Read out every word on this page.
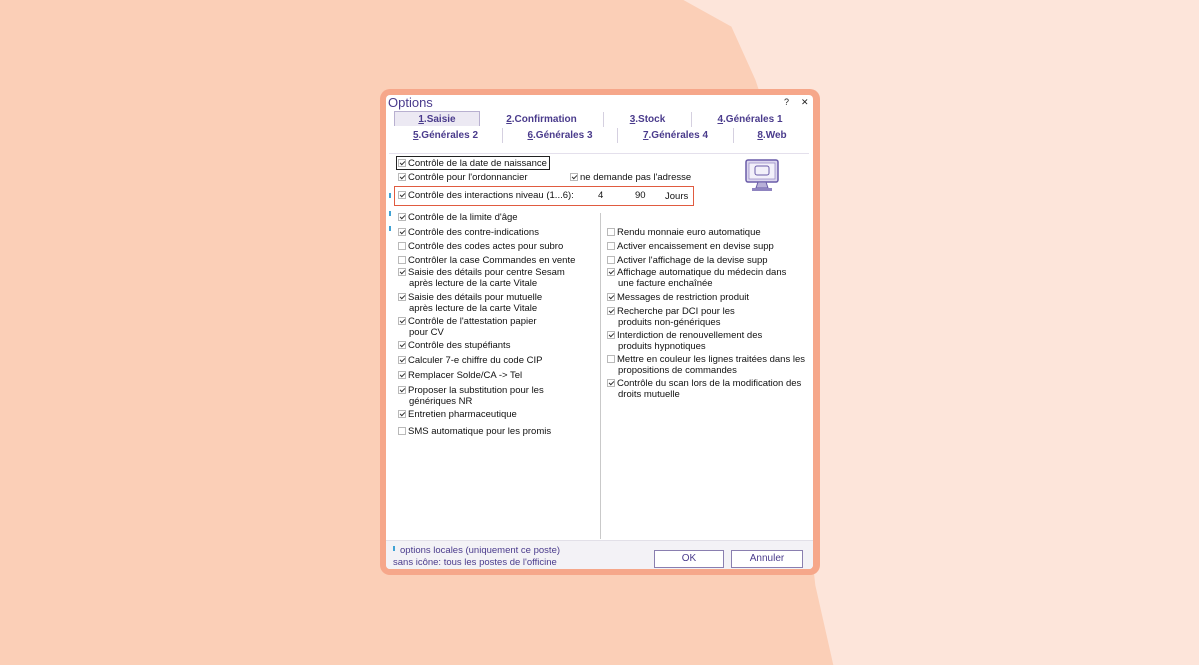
Options	? ✕
1.Saisie	2.Confirmation	3.Stock	4.Générales 1
5.Générales 2	6.Générales 3	7.Générales 4	8.Web
Contrôle de la date de naissance
Contrôle pour l'ordonnancier	ne demande pas l'adresse
Contrôle des interactions niveau (1...6):	4	90 Jours
Contrôle de la limite d'âge
Contrôle des contre-indications
Contrôle des codes actes pour subro
Contrôler la case Commandes en vente
Saisie des détails pour centre Sesam après lecture de la carte Vitale
Saisie des détails pour mutuelle après lecture de la carte Vitale
Contrôle de l'attestation papier pour CV
Contrôle des stupéfiants
Calculer 7-e chiffre du code CIP
Remplacer Solde/CA -> Tel
Proposer la substitution pour les génériques NR
Entretien pharmaceutique
SMS automatique pour les promis
Rendu monnaie euro automatique
Activer encaissement en devise supp
Activer l'affichage de la devise supp
Affichage automatique du médecin dans une facture enchaînée
Messages de restriction produit
Recherche par DCI pour les produits non-génériques
Interdiction de renouvellement des produits hypnotiques
Mettre en couleur les lignes traitées dans les propositions de commandes
Contrôle du scan lors de la modification des droits mutuelle
options locales (uniquement ce poste)
sans icône: tous les postes de l'officine	OK	Annuler
